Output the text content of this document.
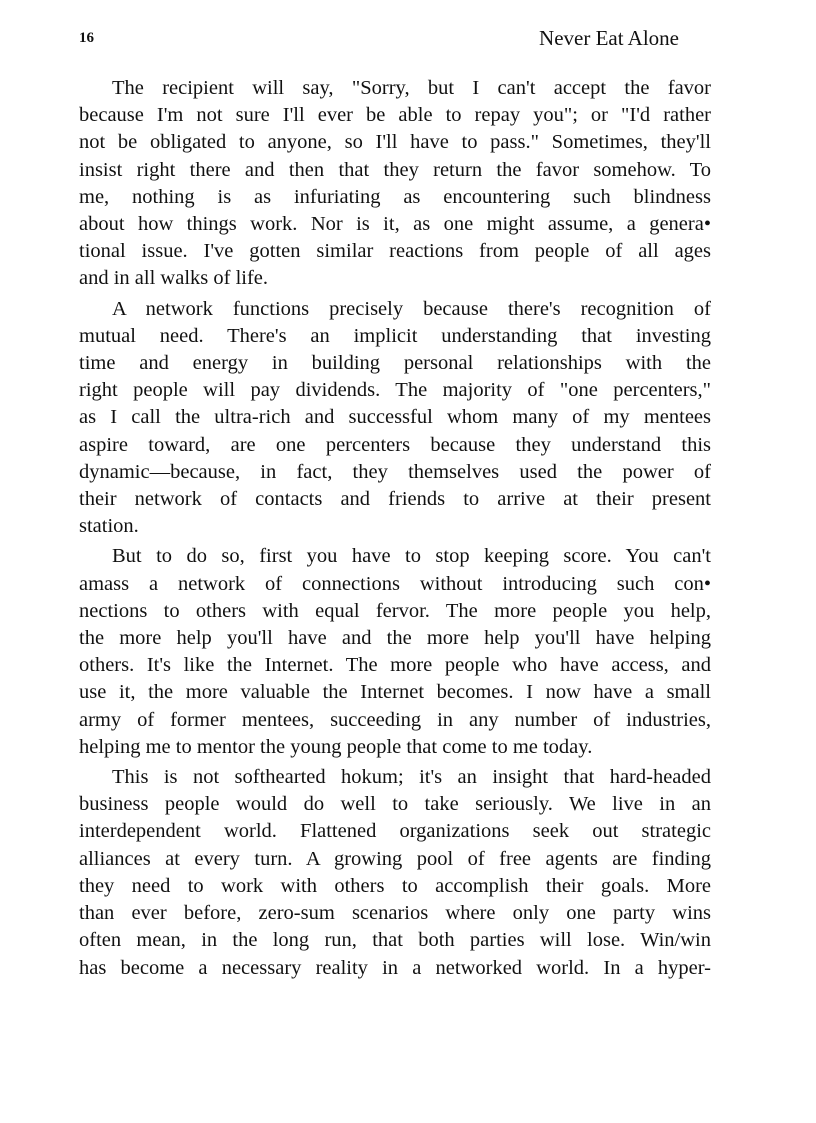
16	Never Eat Alone

The recipient will say, "Sorry, but I can't accept the favor
because I'm not sure I'll ever be able to repay you"; or "I'd rather
not be obligated to anyone, so I'll have to pass." Sometimes, they'll
insist right there and then that they return the favor somehow. To
me, nothing is as infuriating as encountering such blindness
about how things work. Nor is it, as one might assume, a genera•
tional issue. I've gotten similar reactions from people of all ages
and in all walks of life.

A network functions precisely because there's recognition of
mutual need. There's an implicit understanding that investing
time and energy in building personal relationships with the
right people will pay dividends. The majority of "one percenters,"
as I call the ultra-rich and successful whom many of my mentees
aspire toward, are one percenters because they understand this
dynamic—because, in fact, they themselves used the power of
their network of contacts and friends to arrive at their present
station.

But to do so, first you have to stop keeping score. You can't
amass a network of connections without introducing such con•
nections to others with equal fervor. The more people you help,
the more help you'll have and the more help you'll have helping
others. It's like the Internet. The more people who have access, and
use it, the more valuable the Internet becomes. I now have a small
army of former mentees, succeeding in any number of industries,
helping me to mentor the young people that come to me today.

This is not softhearted hokum; it's an insight that hard-headed
business people would do well to take seriously. We live in an
interdependent world. Flattened organizations seek out strategic
alliances at every turn. A growing pool of free agents are finding
they need to work with others to accomplish their goals. More
than ever before, zero-sum scenarios where only one party wins
often mean, in the long run, that both parties will lose. Win/win
has become a necessary reality in a networked world. In a hyper-
